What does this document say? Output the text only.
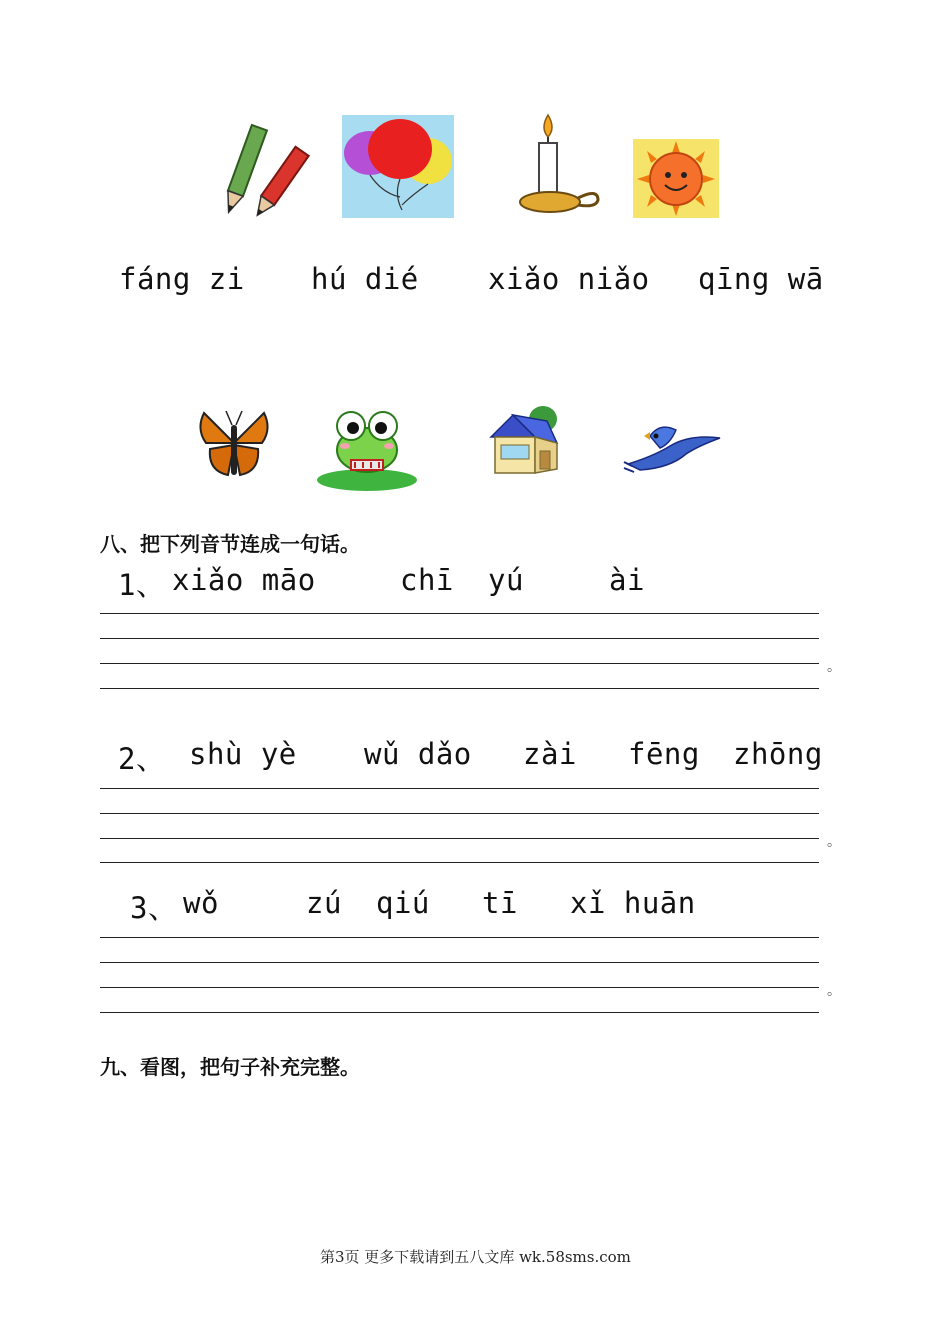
fáng zi hú dié xiǎo niǎo qīng wā
八、把下列音节连成一句话。
1、 xiǎo māo	chī yú	ài
。
2、 shù yè wǔ dǎo zài fēng zhōng
。
3、 wǒ	zú qiú tī xǐ huān
。
九、看图，把句子补充完整。
第3页 更多下载请到五八文库 wk.58sms.com
